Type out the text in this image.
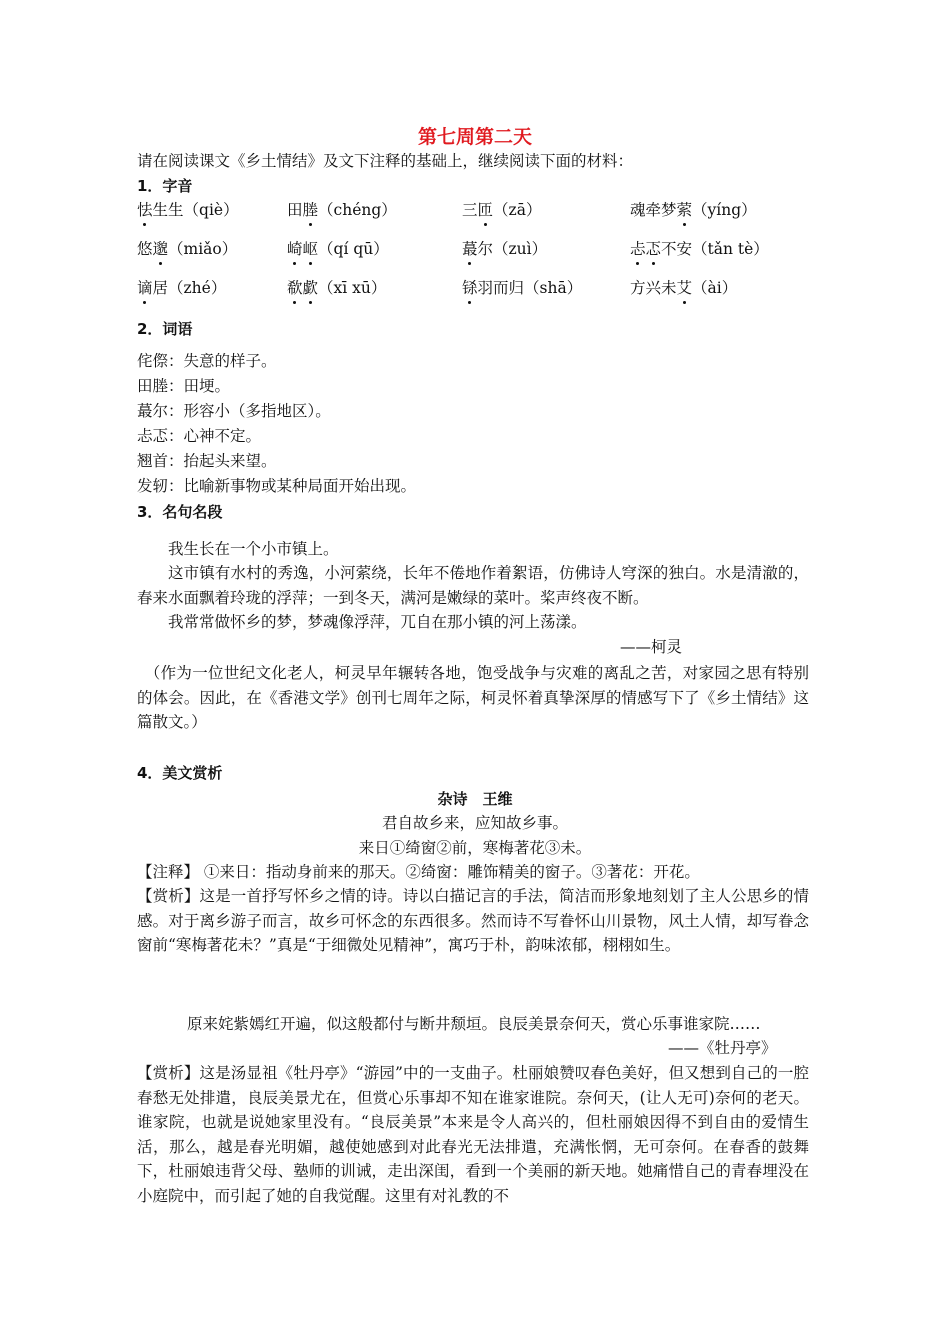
第七周第二天
请在阅读课文《乡土情结》及文下注释的基础上，继续阅读下面的材料：
1．字音
怯生生（qiè）	田塍（chéng）	三匝（zā）	魂牵梦萦（yíng）
悠邈（miǎo）	崎岖（qí qū）	蕞尔（zuì）	忐忑不安（tǎn tè）
谪居（zhé）	欷歔（xī xū）	铩羽而归（shā）	方兴未艾（ài）
2．词语
侘傺：失意的样子。
田塍：田埂。
蕞尔：形容小（多指地区）。
忐忑：心神不定。
翘首：抬起头来望。
发轫：比喻新事物或某种局面开始出现。
3．名句名段
我生长在一个小市镇上。
这市镇有水村的秀逸，小河萦绕，长年不倦地作着絮语，仿佛诗人穹深的独白。水是清澈的，春来水面飘着玲珑的浮萍；一到冬天，满河是嫩绿的菜叶。桨声终夜不断。
我常常做怀乡的梦，梦魂像浮萍，兀自在那小镇的河上荡漾。
——柯灵
（作为一位世纪文化老人，柯灵早年辗转各地，饱受战争与灾难的离乱之苦，对家园之思有特别的体会。因此，在《香港文学》创刊七周年之际，柯灵怀着真挚深厚的情感写下了《乡土情结》这篇散文。）
4．美文赏析
杂诗　王维
君自故乡来，应知故乡事。
来日①绮窗②前，寒梅著花③未。
【注释】 ①来日：指动身前来的那天。②绮窗：雕饰精美的窗子。③著花：开花。
【赏析】这是一首抒写怀乡之情的诗。诗以白描记言的手法，简洁而形象地刻划了主人公思乡的情感。对于离乡游子而言，故乡可怀念的东西很多。然而诗不写眷怀山川景物，风土人情，却写眷念窗前“寒梅著花未？”真是“于细微处见精神”，寓巧于朴，韵味浓郁，栩栩如生。
原来姹紫嫣红开遍，似这般都付与断井颓垣。良辰美景奈何天，赏心乐事谁家院……
——《牡丹亭》
【赏析】这是汤显祖《牡丹亭》“游园”中的一支曲子。杜丽娘赞叹春色美好，但又想到自己的一腔春愁无处排遣，良辰美景尤在，但赏心乐事却不知在谁家谁院。奈何天，(让人无可)奈何的老天。谁家院，也就是说她家里没有。“良辰美景”本来是令人高兴的，但杜丽娘因得不到自由的爱情生活，那么，越是春光明媚，越使她感到对此春光无法排遣，充满怅惘，无可奈何。在春香的鼓舞下，杜丽娘违背父母、塾师的训诫，走出深闺，看到一个美丽的新天地。她痛惜自己的青春埋没在小庭院中，而引起了她的自我觉醒。这里有对礼教的不
